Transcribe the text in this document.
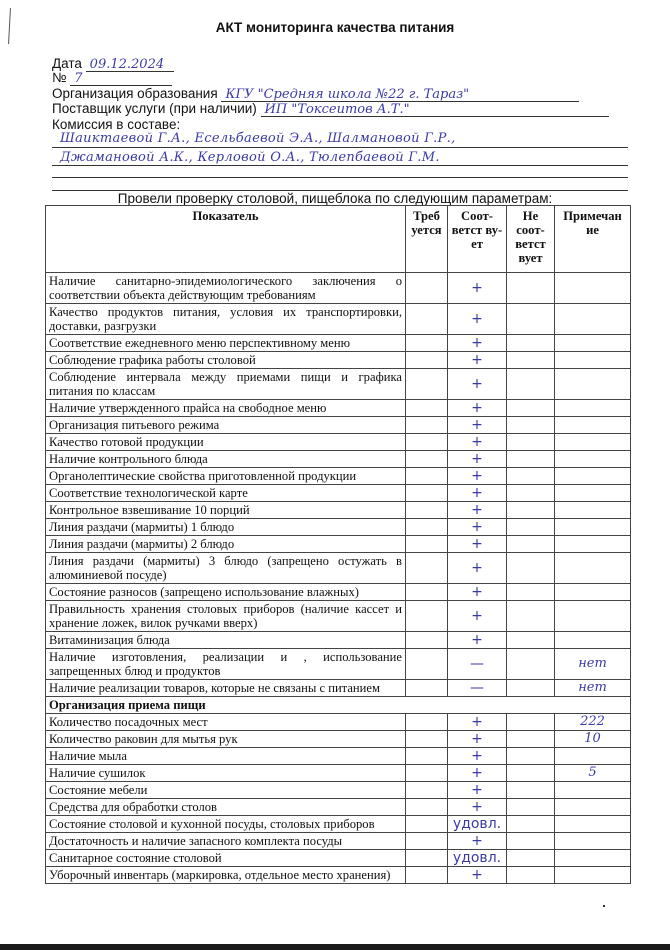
АКТ мониторинга качества питания
Дата 09.12.2024
№ 7
Организация образования КГУ "Средняя школа №22 г. Тараз"
Поставщик услуги (при наличии) ИП "Токсеитов А.Т."
Комиссия в составе:
Шаиктаевой Г.А., Есельбаевой Э.А., Шалмановой Г.Р.,
Джамановой А.К., Керловой О.А., Тюлепбаевой Г.М.
Провели проверку столовой, пищеблока по следующим параметрам:
Показатель	Треб уется	Соот-ветст ву-ет	Не соот-ветст вует	Примечан ие
Наличие санитарно-эпидемиологического заключения о соответствии объекта действующим требованиям		+		
Качество продуктов питания, условия их транспортировки, доставки, разгрузки		+		
Соответствие ежедневного меню перспективному меню		+		
Соблюдение графика работы столовой		+		
Соблюдение интервала между приемами пищи и графика питания по классам		+		
Наличие утвержденного прайса на свободное меню		+		
Организация питьевого режима		+		
Качество готовой продукции		+		
Наличие контрольного блюда		+		
Органолептические свойства приготовленной продукции		+		
Соответствие технологической карте		+		
Контрольное взвешивание 10 порций		+		
Линия раздачи (мармиты) 1 блюдо		+		
Линия раздачи (мармиты) 2 блюдо		+		
Линия раздачи (мармиты) 3 блюдо (запрещено остужать в алюминиевой посуде)		+		
Состояние разносов (запрещено использование влажных)		+		
Правильность хранения столовых приборов (наличие кассет и хранение ложек, вилок ручками вверх)		+		
Витаминизация блюда		+		
Наличие изготовления, реализации и , использование запрещенных блюд и продуктов		—		нет
Наличие реализации товаров, которые не связаны с питанием		—		нет
Организация приема пищи				
Количество посадочных мест		+		222
Количество раковин для мытья рук		+		10
Наличие мыла		+		
Наличие сушилок		+		5
Состояние мебели		+		
Средства для обработки столов		+		
Состояние столовой и кухонной посуды, столовых приборов		удовл.		
Достаточность и наличие запасного комплекта посуды		+		
Санитарное состояние столовой		удовл.		
Уборочный инвентарь (маркировка, отдельное место хранения)		+		
